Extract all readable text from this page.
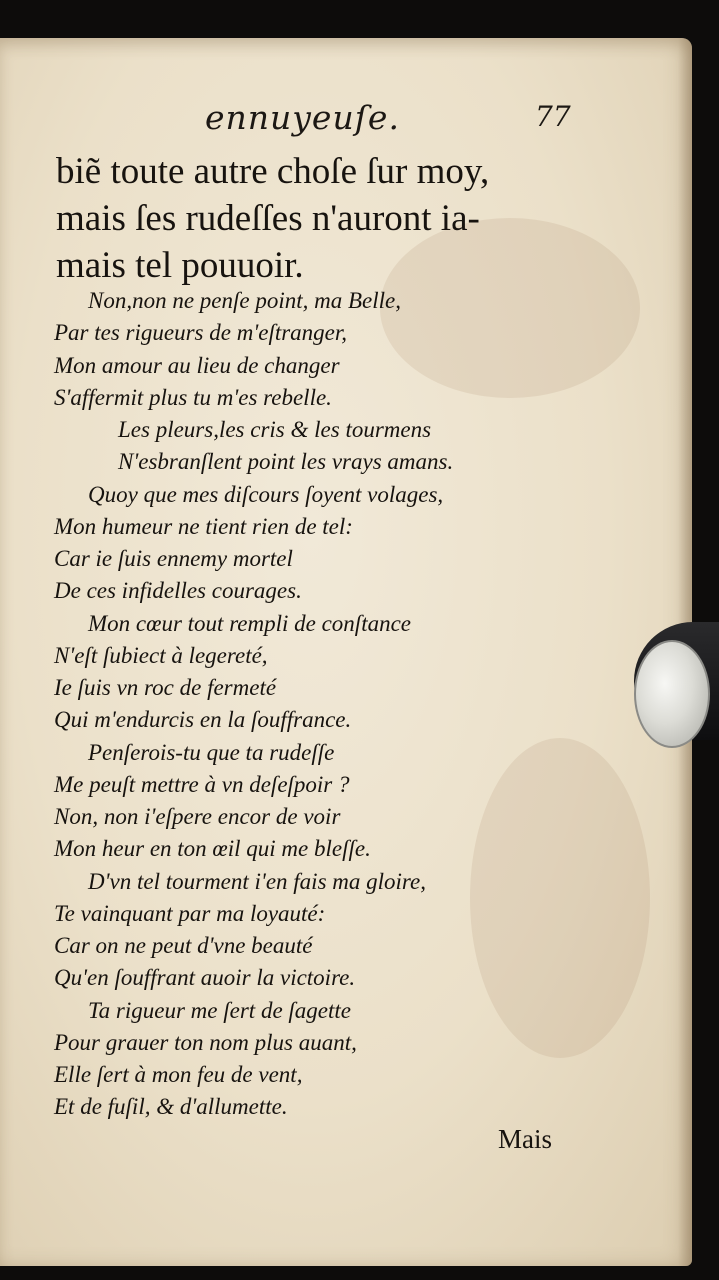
ennuyeuſe.	77
biẽ toute autre choſe ſur moy,
mais ſes rudeſſes n'auront ia-
mais tel pouuoir.
Non,non ne penſe point, ma Belle,
Par tes rigueurs de m'eſtranger,
Mon amour au lieu de changer
S'affermit plus tu m'es rebelle.
Les pleurs,les cris & les tourmens
N'esbranſlent point les vrays amans.
Quoy que mes diſcours ſoyent volages,
Mon humeur ne tient rien de tel:
Car ie ſuis ennemy mortel
De ces infidelles courages.
Mon cœur tout rempli de conſtance
N'eſt ſubiect à legereté,
Ie ſuis vn roc de fermeté
Qui m'endurcis en la ſouffrance.
Penſerois-tu que ta rudeſſe
Me peuſt mettre à vn deſeſpoir ?
Non, non i'eſpere encor de voir
Mon heur en ton œil qui me bleſſe.
D'vn tel tourment i'en fais ma gloire,
Te vainquant par ma loyauté:
Car on ne peut d'vne beauté
Qu'en ſouffrant auoir la victoire.
Ta rigueur me ſert de ſagette
Pour grauer ton nom plus auant,
Elle ſert à mon feu de vent,
Et de fuſil, & d'allumette.
Mais
